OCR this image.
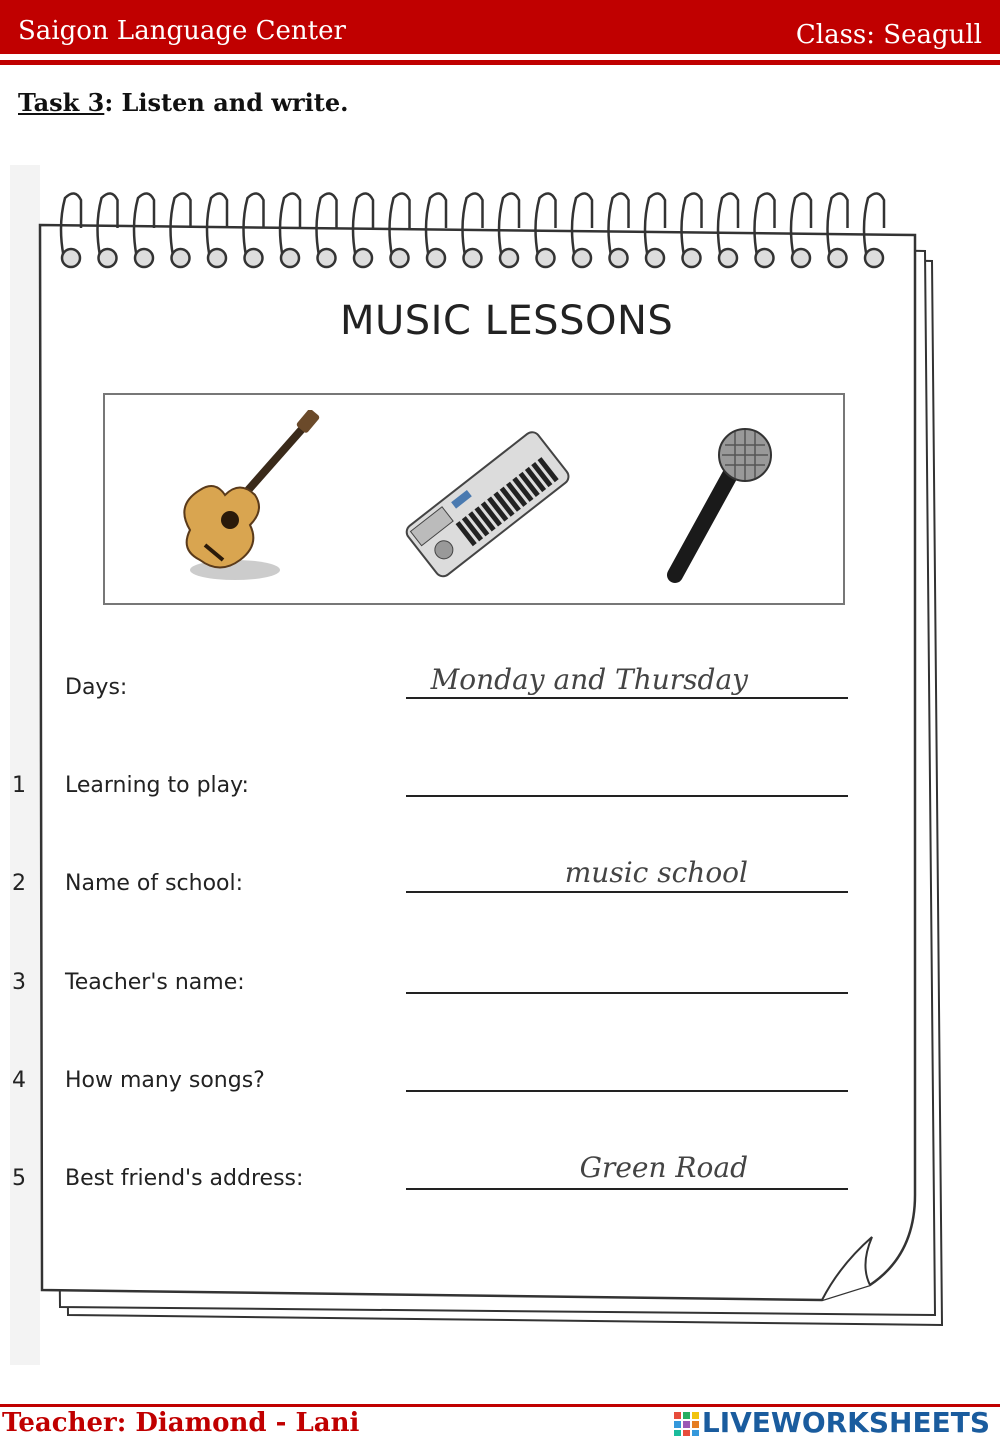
Saigon Language Center	Class: Seagull
Task 3: Listen and write.
MUSIC LESSONS
Days:	Monday and Thursday
1 Learning to play:
2 Name of school:	music school
3 Teacher's name:
4 How many songs?
5 Best friend's address:	Green Road
Teacher: Diamond - Lani	LIVEWORKSHEETS
